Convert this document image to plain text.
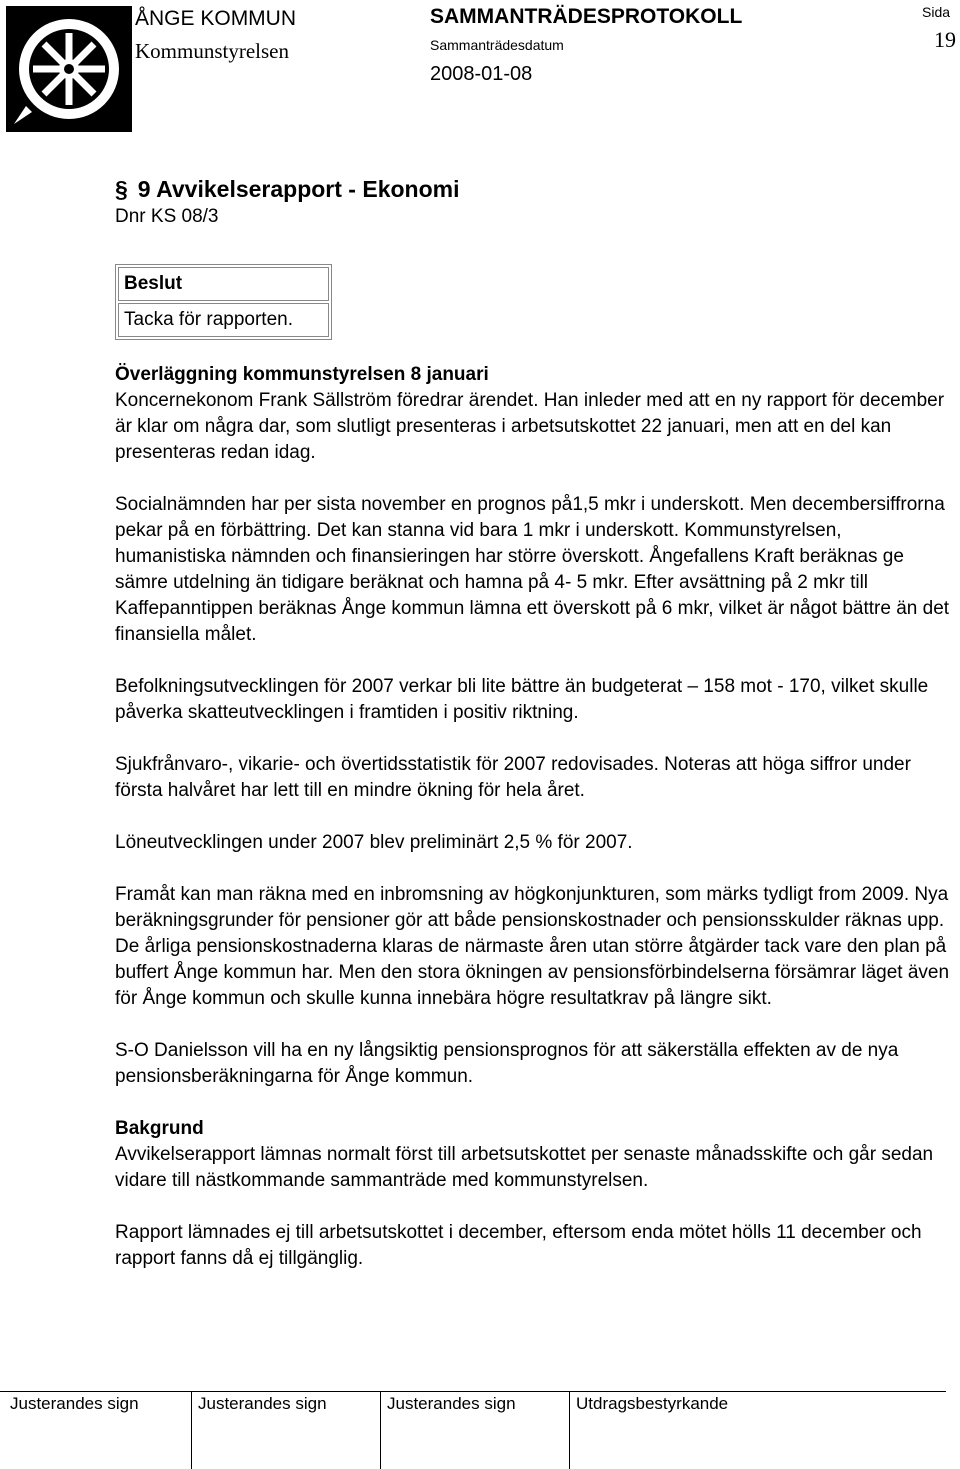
ÅNGE KOMMUN
Kommunstyrelsen
SAMMANTRÄDESPROTOKOLL
Sammanträdesdatum
2008-01-08
Sida
19
§ 9 Avvikelserapport - Ekonomi
Dnr KS 08/3
Beslut
Tacka för rapporten.
Överläggning kommunstyrelsen 8 januari

Koncernekonom Frank Sällström föredrar ärendet. Han inleder med att en ny rapport för december är klar om några dar, som slutligt presenteras i arbetsutskottet 22 januari, men att en del kan presenteras redan idag.

Socialnämnden har per sista november en prognos på1,5 mkr i underskott. Men decembersiffrorna pekar på en förbättring. Det kan stanna vid bara 1 mkr i underskott. Kommunstyrelsen, humanistiska nämnden och finansieringen har större överskott. Ångefallens Kraft beräknas ge sämre utdelning än tidigare beräknat och hamna på 4- 5 mkr. Efter avsättning på 2 mkr till Kaffepanntippen beräknas Ånge kommun lämna ett överskott på 6 mkr, vilket är något bättre än det finansiella målet.

Befolkningsutvecklingen för 2007 verkar bli lite bättre än budgeterat – 158 mot - 170, vilket skulle påverka skatteutvecklingen i framtiden i positiv riktning.

Sjukfrånvaro-, vikarie- och övertidsstatistik för 2007 redovisades. Noteras att höga siffror under första halvåret har lett till en mindre ökning för hela året.

Löneutvecklingen under 2007 blev preliminärt 2,5 % för 2007.

Framåt kan man räkna med en inbromsning av högkonjunkturen, som märks tydligt from 2009. Nya beräkningsgrunder för pensioner gör att både pensionskostnader och pensionsskulder räknas upp. De årliga pensionskostnaderna klaras de närmaste åren utan större åtgärder tack vare den plan på buffert Ånge kommun har. Men den stora ökningen av pensionsförbindelserna försämrar läget även för Ånge kommun och skulle kunna innebära högre resultatkrav på längre sikt.

S-O Danielsson vill ha en ny långsiktig pensionsprognos för att säkerställa effekten av de nya pensionsberäkningarna för Ånge kommun.

Bakgrund

Avvikelserapport lämnas normalt först till arbetsutskottet per senaste månadsskifte och går sedan vidare till nästkommande sammanträde med kommunstyrelsen.

Rapport lämnades ej till arbetsutskottet i december, eftersom enda mötet hölls 11 december och rapport fanns då ej tillgänglig.

Justerandes sign	Justerandes sign	Justerandes sign	Utdragsbestyrkande
